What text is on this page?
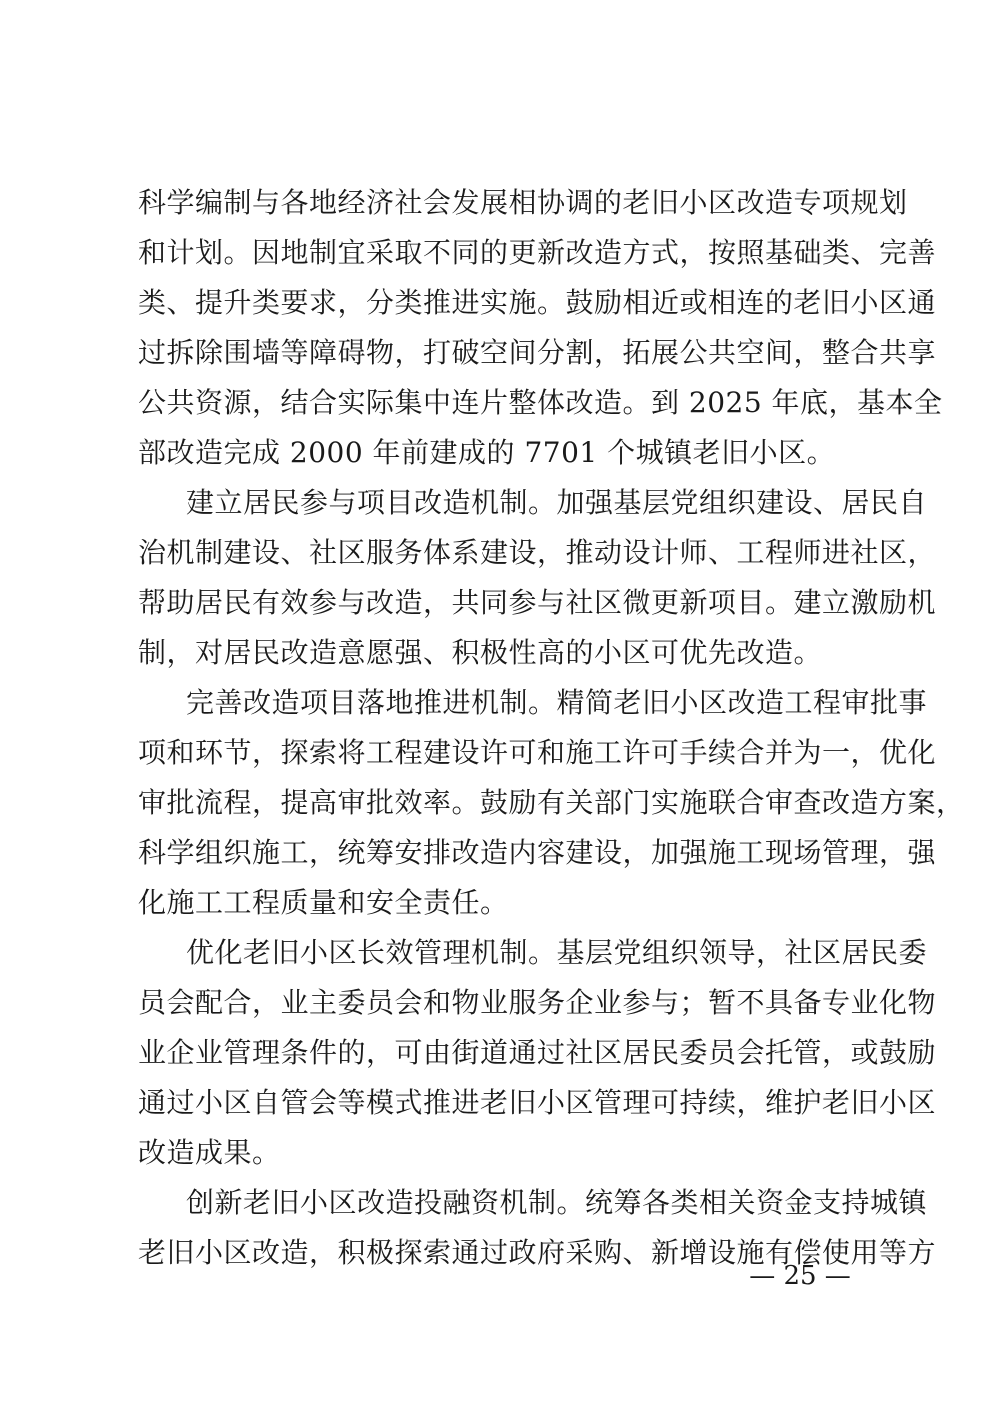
科学编制与各地经济社会发展相协调的老旧小区改造专项规划
和计划。因地制宜采取不同的更新改造方式，按照基础类、完善
类、提升类要求，分类推进实施。鼓励相近或相连的老旧小区通
过拆除围墙等障碍物，打破空间分割，拓展公共空间，整合共享
公共资源，结合实际集中连片整体改造。到 2025 年底，基本全
部改造完成 2000 年前建成的 7701 个城镇老旧小区。
建立居民参与项目改造机制。加强基层党组织建设、居民自
治机制建设、社区服务体系建设，推动设计师、工程师进社区，
帮助居民有效参与改造，共同参与社区微更新项目。建立激励机
制，对居民改造意愿强、积极性高的小区可优先改造。
完善改造项目落地推进机制。精简老旧小区改造工程审批事
项和环节，探索将工程建设许可和施工许可手续合并为一，优化
审批流程，提高审批效率。鼓励有关部门实施联合审查改造方案，
科学组织施工，统筹安排改造内容建设，加强施工现场管理，强
化施工工程质量和安全责任。
优化老旧小区长效管理机制。基层党组织领导，社区居民委
员会配合，业主委员会和物业服务企业参与；暂不具备专业化物
业企业管理条件的，可由街道通过社区居民委员会托管，或鼓励
通过小区自管会等模式推进老旧小区管理可持续，维护老旧小区
改造成果。
创新老旧小区改造投融资机制。统筹各类相关资金支持城镇
老旧小区改造，积极探索通过政府采购、新增设施有偿使用等方
— 25 —
